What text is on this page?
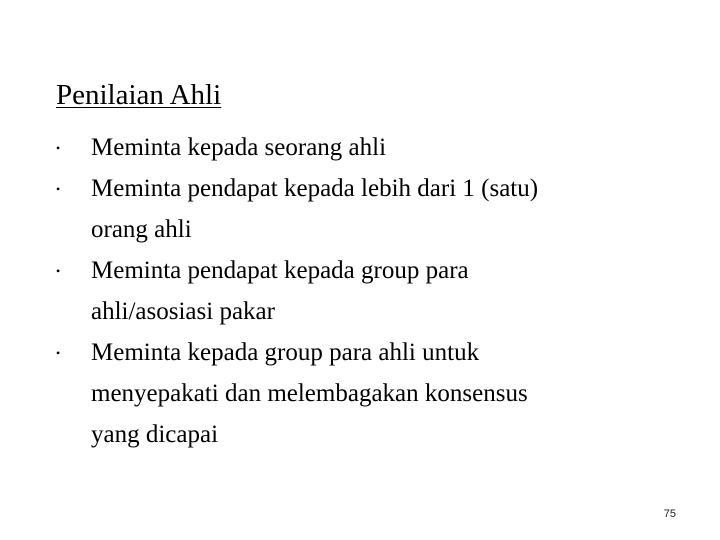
Penilaian Ahli
•	Meminta kepada seorang ahli
•	Meminta pendapat kepada lebih dari 1 (satu)
orang ahli
•	Meminta pendapat kepada group para
ahli/asosiasi pakar
•	Meminta kepada group para ahli untuk
menyepakati dan melembagakan konsensus
yang dicapai
75
